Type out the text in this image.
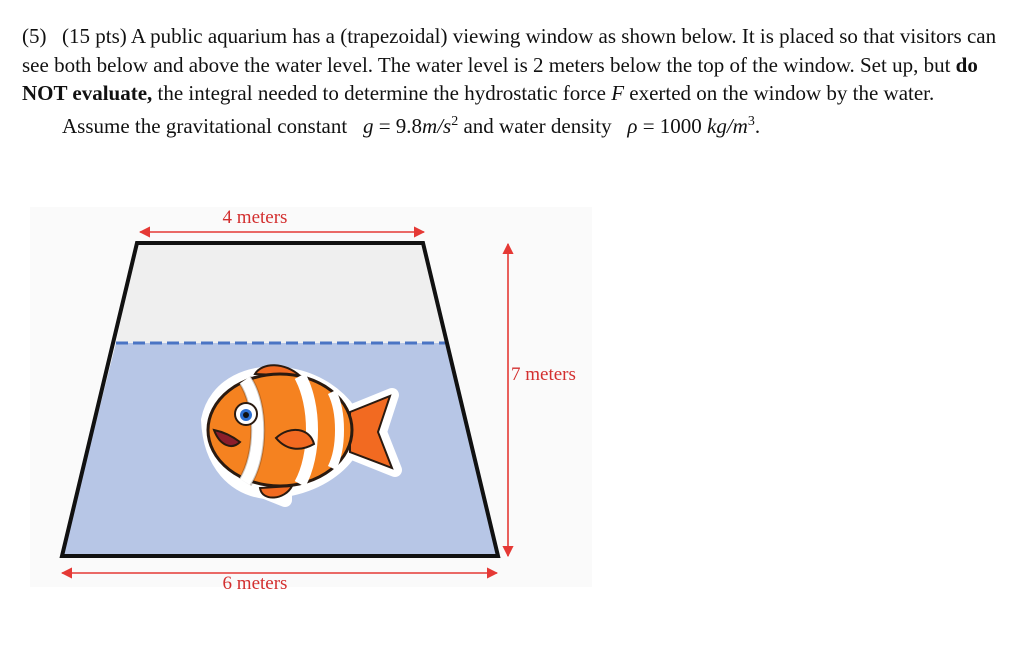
(5) (15 pts) A public aquarium has a (trapezoidal) viewing window as shown below. It is placed so that visitors can see both below and above the water level. The water level is 2 meters below the top of the window. Set up, but do NOT evaluate, the integral needed to determine the hydrostatic force F exerted on the window by the water.
Assume the gravitational constant $g = 9.8m/s^2$ and water density ρ = 1000 $kg/m^3$.
4 meters
6 meters
7 meters
